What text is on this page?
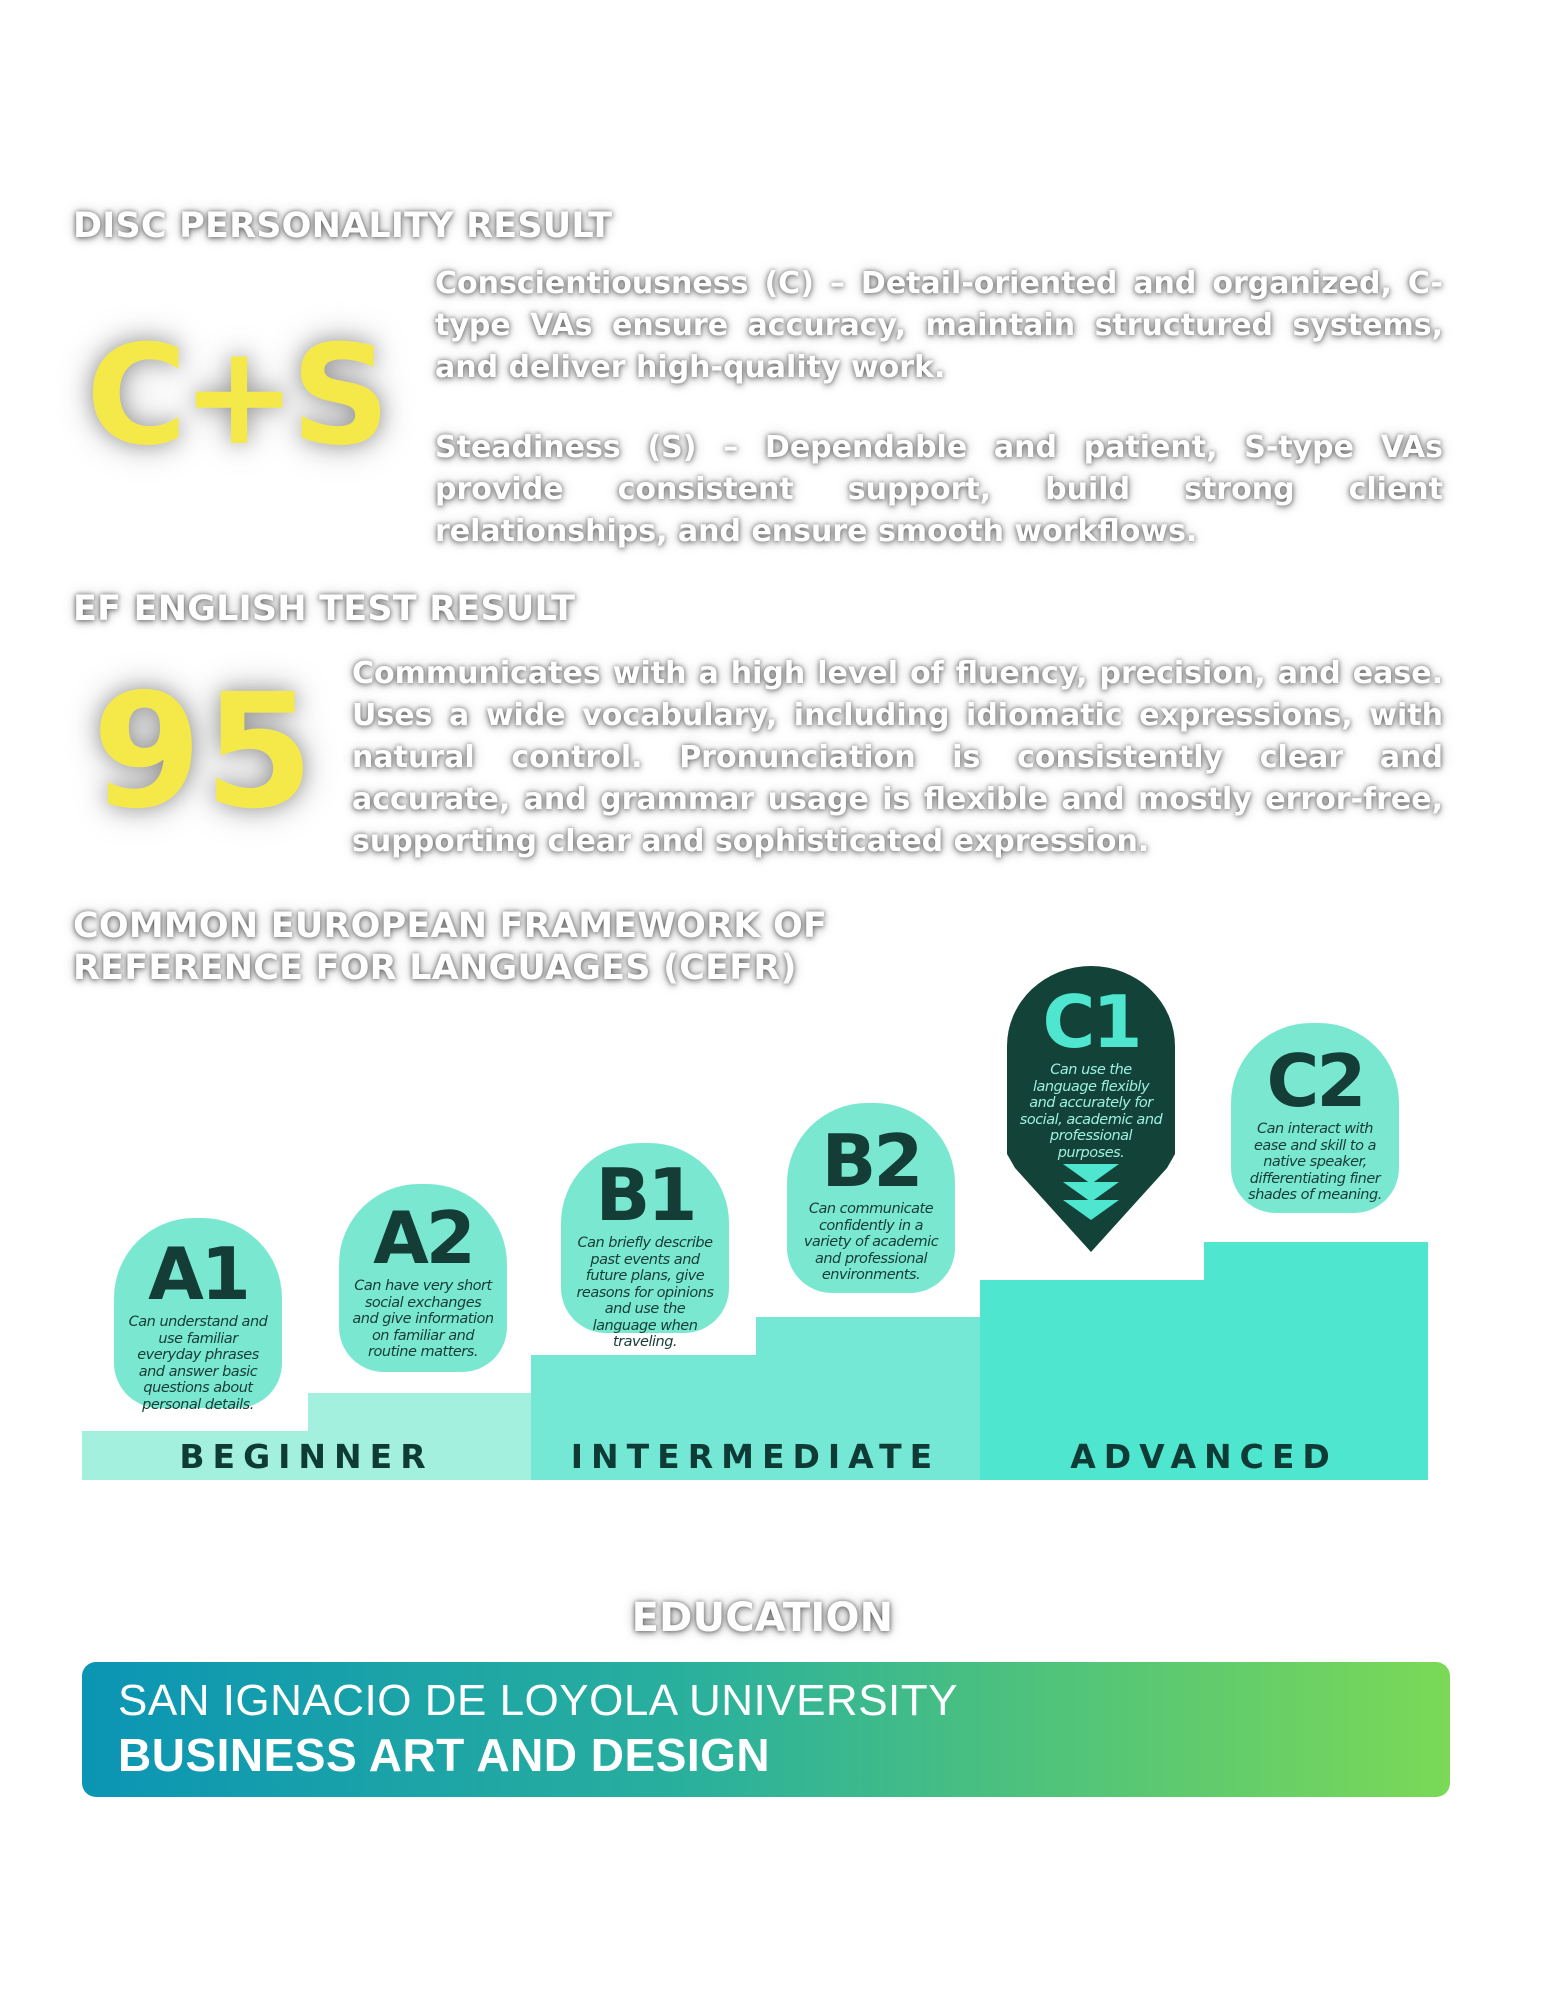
DISC PERSONALITY RESULT
C+S
Conscientiousness (C) – Detail-oriented and organized, C-type VAs ensure accuracy, maintain structured systems, and deliver high-quality work.
Steadiness (S) – Dependable and patient, S-type VAs provide consistent support, build strong client relationships, and ensure smooth workflows.
EF ENGLISH TEST RESULT
95 Communicates with a high level of fluency, precision, and ease. Uses a wide vocabulary, including idiomatic expressions, with natural control. Pronunciation is consistently clear and accurate, and grammar usage is flexible and mostly error-free, supporting clear and sophisticated expression.
COMMON EUROPEAN FRAMEWORK OF
REFERENCE FOR LANGUAGES (CEFR)
BEGINNER	INTERMEDIATE	ADVANCED
A1
Can understand and use familiar everyday phrases and answer basic questions about personal details.
A2
Can have very short social exchanges and give information on familiar and routine matters.
B1
Can briefly describe past events and future plans, give reasons for opinions and use the language when traveling.
B2
Can communicate confidently in a variety of academic and professional environments.
C1
Can use the language flexibly and accurately for social, academic and professional purposes.
C2
Can interact with ease and skill to a native speaker, differentiating finer shades of meaning.
EDUCATION
SAN IGNACIO DE LOYOLA UNIVERSITY
BUSINESS ART AND DESIGN
